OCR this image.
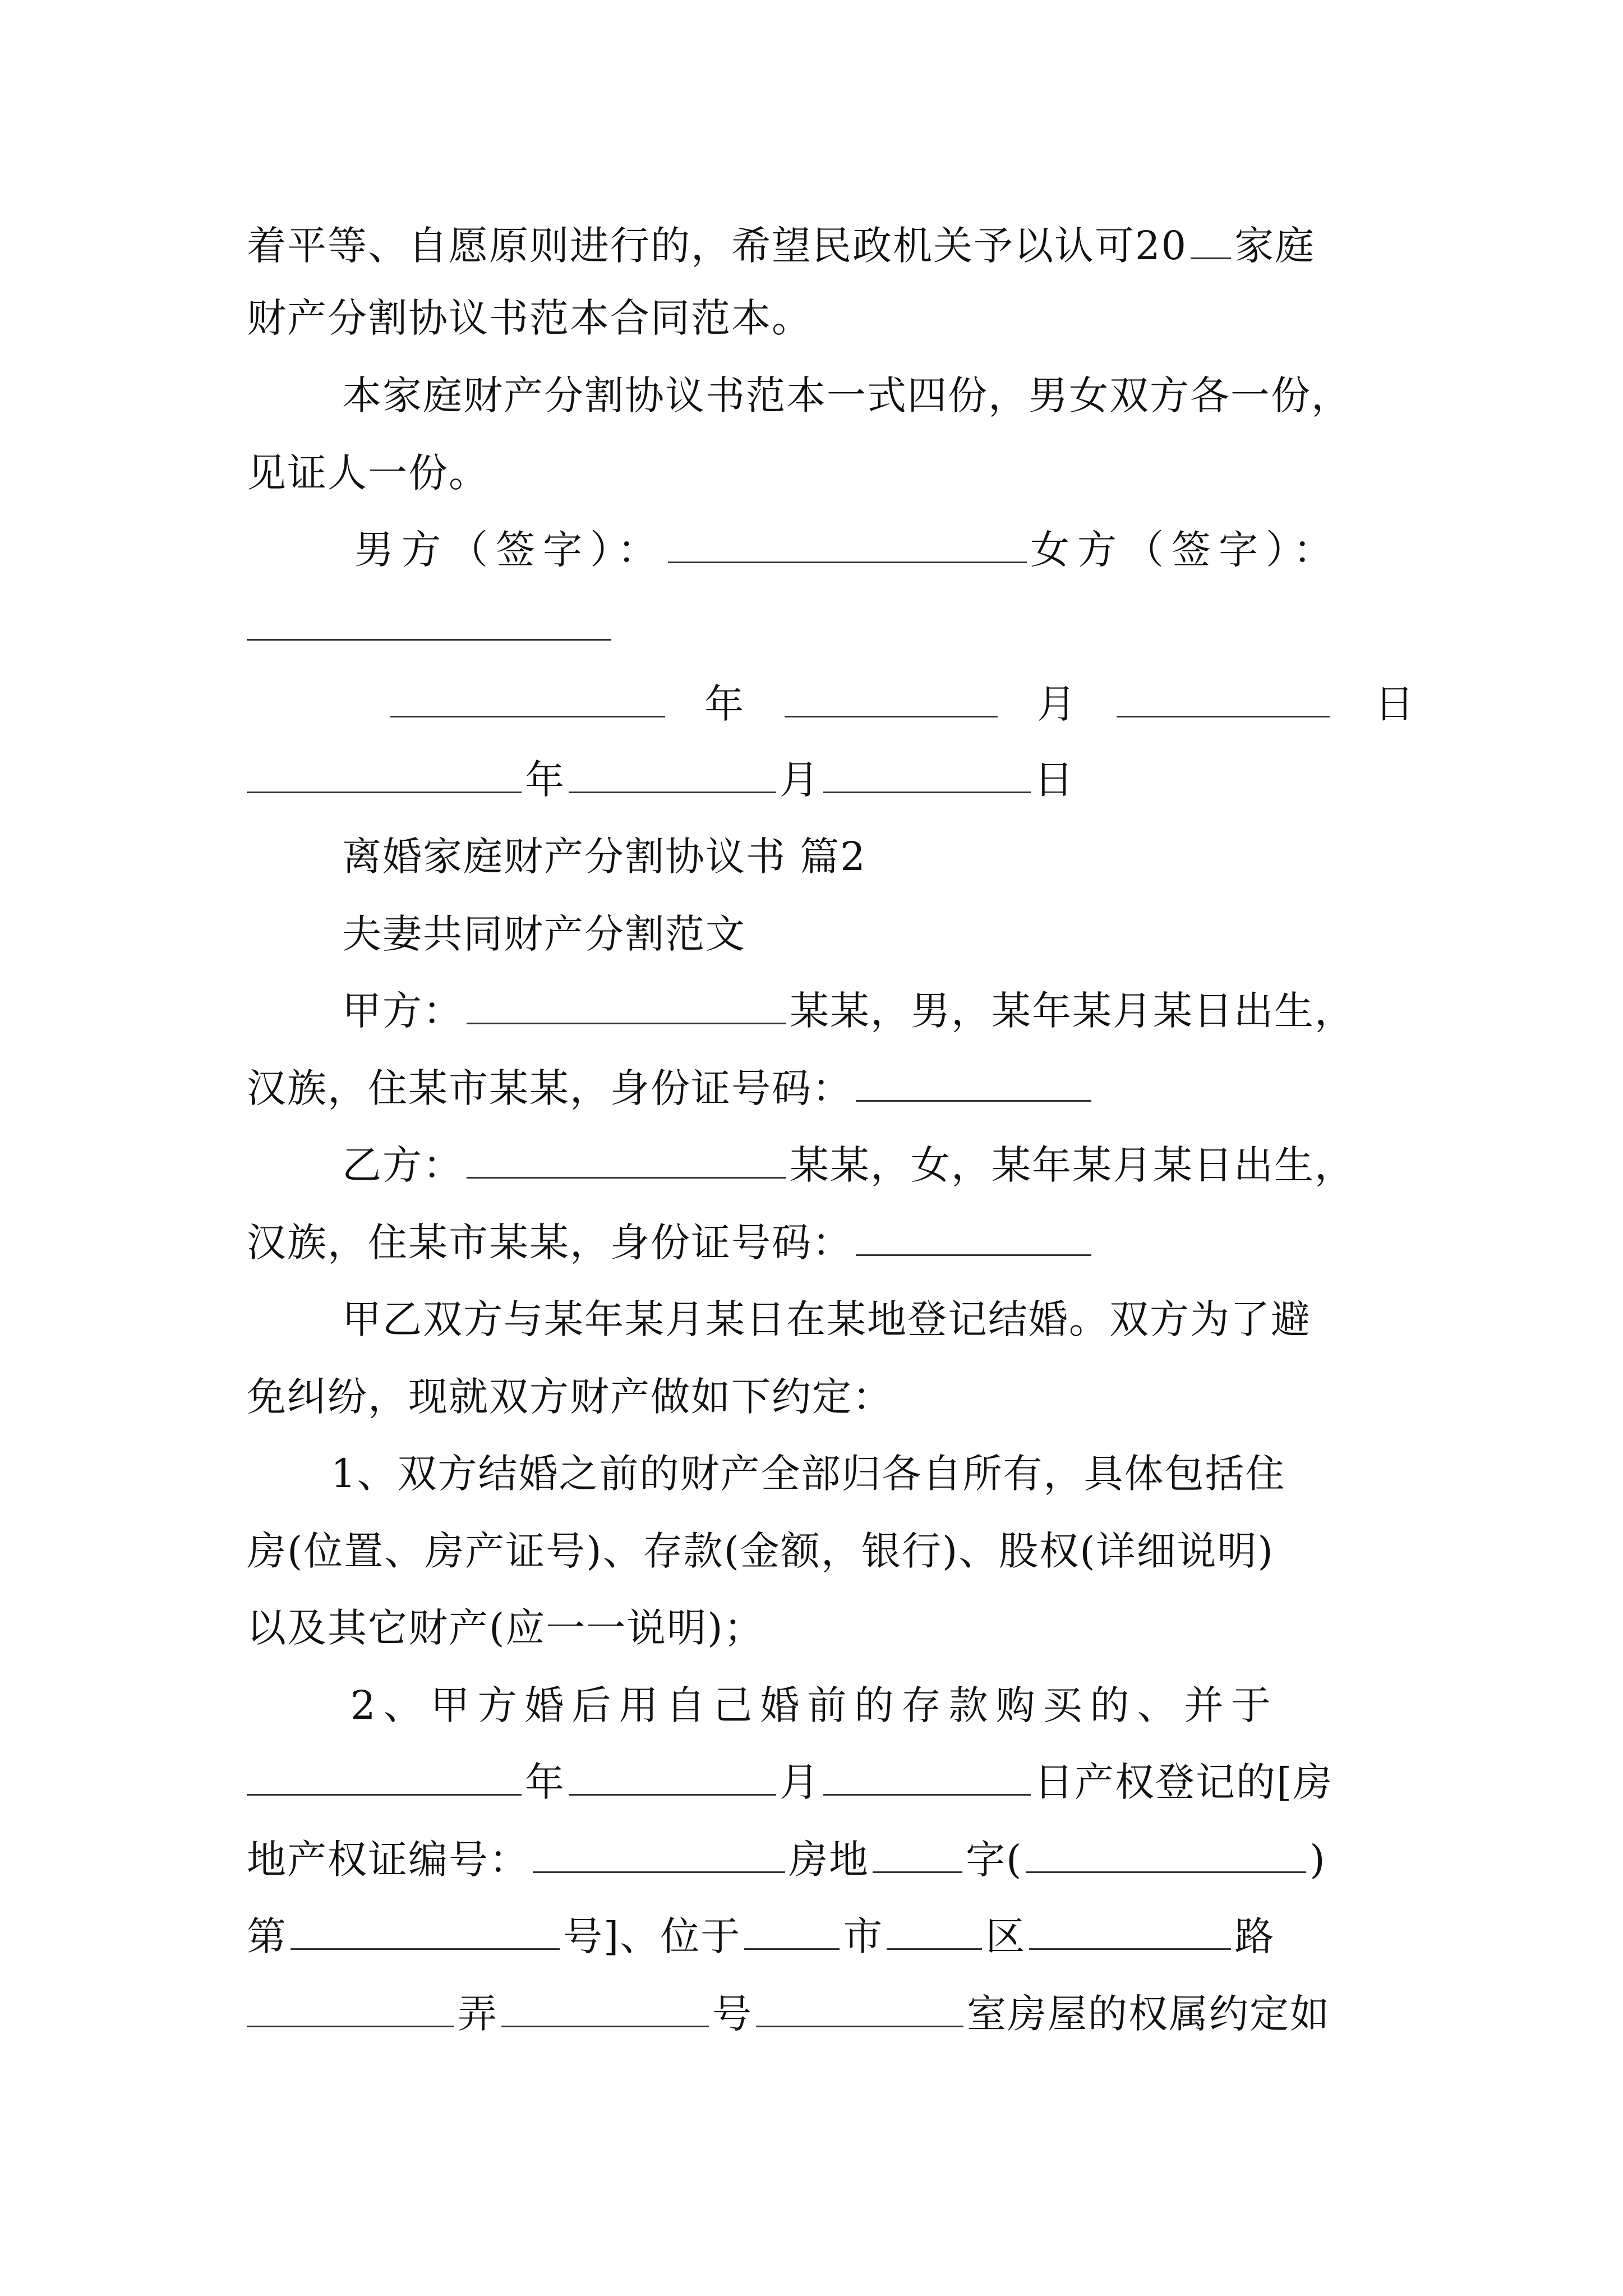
着平等、自愿原则进行的，希望民政机关予以认可20 家庭
财产分割协议书范本合同范本。
本家庭财产分割协议书范本一式四份，男女双方各一份，
见证人一份。
男方（签字）：	女方（签字）：
年	月	日
年	月	日
离婚家庭财产分割协议书 篇2
夫妻共同财产分割范文
甲方：	某某，男，某年某月某日出生，
汉族，住某市某某，身份证号码：
乙方：	某某，女，某年某月某日出生，
汉族，住某市某某，身份证号码：
甲乙双方与某年某月某日在某地登记结婚。双方为了避
免纠纷，现就双方财产做如下约定：
1、双方结婚之前的财产全部归各自所有，具体包括住
房(位置、房产证号)、存款(金额，银行)、股权(详细说明)
以及其它财产(应一一说明)；
2、甲方婚后用自己婚前的存款购买的、并于
年	月	日产权登记的[房
地产权证编号：	房地 字(	)
第	号]、位于	市	区	路
弄	号	室房屋的权属约定如
